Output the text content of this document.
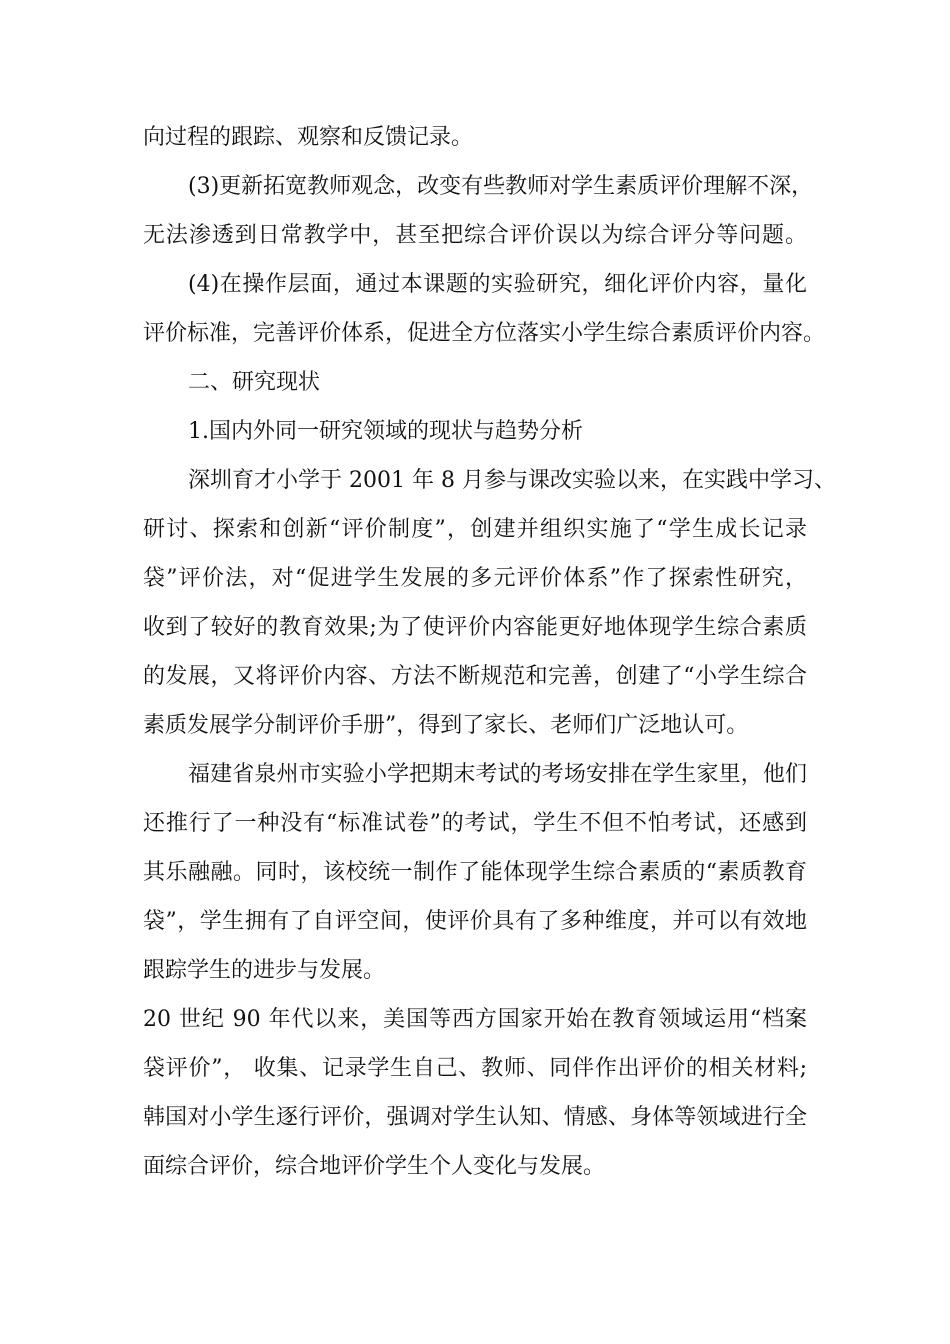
向过程的跟踪、观察和反馈记录。
(3)更新拓宽教师观念，改变有些教师对学生素质评价理解不深，
无法渗透到日常教学中，甚至把综合评价误以为综合评分等问题。
(4)在操作层面，通过本课题的实验研究，细化评价内容，量化
评价标准，完善评价体系，促进全方位落实小学生综合素质评价内容。
二、研究现状
1.国内外同一研究领域的现状与趋势分析
深圳育才小学于 2001 年 8 月参与课改实验以来，在实践中学习、
研讨、探索和创新“评价制度”，创建并组织实施了“学生成长记录
袋”评价法，对“促进学生发展的多元评价体系”作了探索性研究，
收到了较好的教育效果;为了使评价内容能更好地体现学生综合素质
的发展，又将评价内容、方法不断规范和完善，创建了“小学生综合
素质发展学分制评价手册”，得到了家长、老师们广泛地认可。
福建省泉州市实验小学把期末考试的考场安排在学生家里，他们
还推行了一种没有“标准试卷”的考试，学生不但不怕考试，还感到
其乐融融。同时，该校统一制作了能体现学生综合素质的“素质教育
袋”，学生拥有了自评空间，使评价具有了多种维度，并可以有效地
跟踪学生的进步与发展。
20 世纪 90 年代以来，美国等西方国家开始在教育领域运用“档案
袋评价”， 收集、记录学生自己、教师、同伴作出评价的相关材料;
韩国对小学生逐行评价，强调对学生认知、情感、身体等领域进行全
面综合评价，综合地评价学生个人变化与发展。
